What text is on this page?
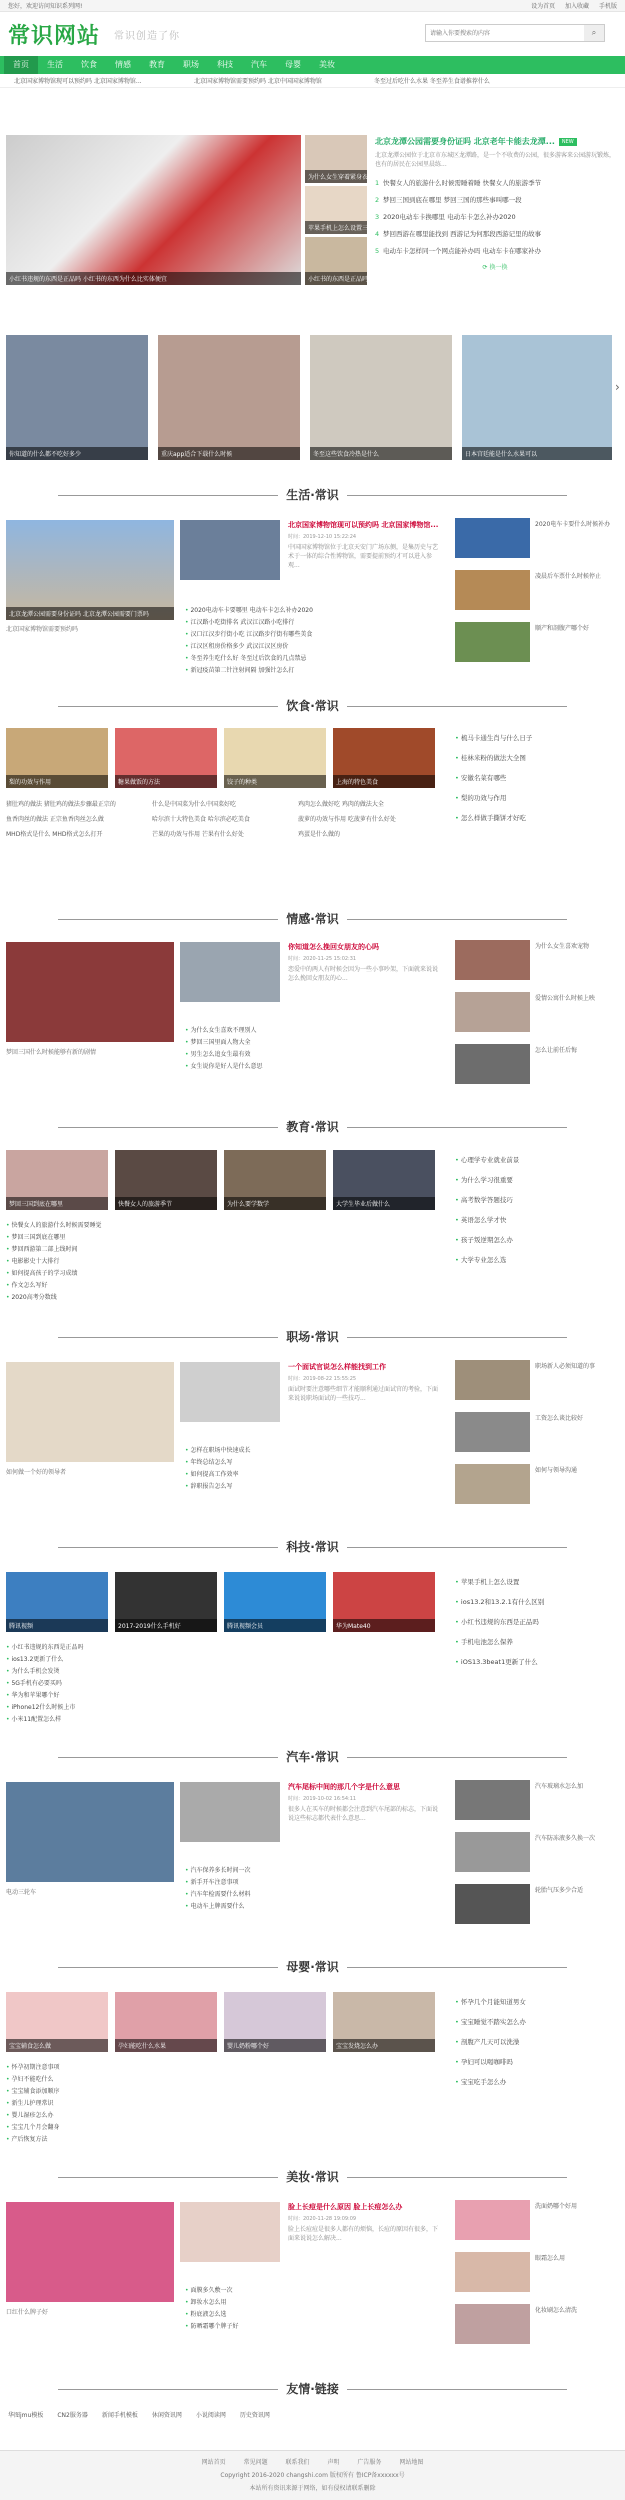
您好，欢迎访问知识系列网!	设为首页 加入收藏 手机版
常识网站 常识创造了你
请输入你要搜索的内容	⌕
首页	生活	饮食	情感	教育	职场	科技	汽车	母婴	美妆
北京国家博物馆现可以预约吗 北京国家博物馆...	北京国家博物馆需要预约吗 北京中国国家博物馆	冬至过后吃什么水果 冬至养生食谱推荐什么
小红书违规的东西是正品吗 小红书的东西为什么比实体便宜
为什么女生穿着紧身衣
苹果手机上怎么设置三块电池
小红书的东西是正品吗
北京龙潭公园需要身份证吗 北京老年卡能去龙潭...	NEW
北京龙潭公园位于北京市东城区龙潭路，是一个不收费的公园，很多游客来公园游玩锻炼，也有的居民在公园里晨练...
1 快餐女人的旅游什么时候需睡着睡 快餐女人的旅游季节
2 梦回三国到底在哪里 梦回三国的那些事叫哪一段
3 2020电动车卡换哪里 电动车卡怎么补办2020
4 梦回西游在哪里能找到 西游记为何那段西游记里的故事
5 电动车卡怎样同一个网点能补办吗 电动车卡在哪家补办
⟳ 换一换
你知道的什么都不吃好多少	重庆app适合下载什么时候	冬至这些饮食冷热是什么	日本宫廷能是什么水果可以
›
生活·常识
饮食·常识
情感·常识
教育·常识
职场·常识
科技·常识
汽车·常识
母婴·常识
美妆·常识
友情·链接
北京龙潭公园需要身份证吗 北京龙潭公园需要门票吗
北京国家博物馆现可以预约吗 北京国家博物馆...
时间：2019-12-10 15:22:24
中国国家博物馆位于北京天安门广场东侧，是集历史与艺术于一体的综合性博物馆，需要提前预约才可以进入参观...
北京国家博物馆需要预约吗
• 2020电动车卡要哪里 电动车卡怎么补办2020
• 江汉路小吃街排名 武汉江汉路小吃排行
• 汉口江汉步行街小吃 江汉路步行街有哪些美食
• 江汉区租房价格多少 武汉江汉区房价
• 冬至养生吃什么好 冬至过后饮食的几点禁忌
• 新冠疫苗第二针注射间隔 加强针怎么打
2020电车卡要什么时候补办
凌晨后车票什么时候停止
顺产和剖腹产哪个好
梨的功效与作用	糖果做饭的方法	饺子的种类	上海的特色美食
猪肚鸡的做法 猪肚鸡的做法步骤最正宗的	什么是中国菜为什么中国菜好吃	鸡肉怎么做好吃 鸡肉的做法大全
鱼香肉丝的做法 正宗鱼香肉丝怎么做	哈尔滨十大特色美食 哈尔滨必吃美食	菠萝的功效与作用 吃菠萝有什么好处
MHD格式是什么 MHD格式怎么打开	芒果的功效与作用 芒果有什么好处	鸡蛋是什么做的
• 梳马卡通生肖与什么日子
• 桂林米粉的做法大全图
• 安徽名菜有哪些
• 梨的功效与作用
• 怎么样做手撕饼才好吃
你知道怎么挽回女朋友的心吗
时间：2020-11-25 15:02:31
恋爱中的两人有时候会因为一些小事吵架，下面就来说说怎么挽回女朋友的心...
梦回三国什么时候能够有新的剧情
• 为什么女生喜欢不理别人
• 梦回三国里面人物大全
• 男生怎么追女生最有效
• 女生说你是好人是什么意思
为什么女生喜欢宠物
爱情公寓什么时候上映
怎么让前任后悔
梦回三国到底在哪里	快餐女人的旅游季节	为什么要学数学	大学生毕业后做什么
• 快餐女人的旅游什么时候需要睡觉
• 梦回三国到底在哪里
• 梦回西游第二部上线时间
• 电影影史十大排行
• 如何提高孩子的学习成绩
• 作文怎么写好
• 2020高考分数线
• 心理学专业就业前景
• 为什么学习很重要
• 高考数学答题技巧
• 英语怎么学才快
• 孩子叛逆期怎么办
• 大学专业怎么选
一个面试官说怎么样能找到工作
时间：2019-08-22 15:55:25
面试时要注意哪些细节才能顺利通过面试官的考验，下面来说说职场面试的一些技巧...
如何做一个好的领导者
• 怎样在职场中快速成长
• 年终总结怎么写
• 如何提高工作效率
• 辞职报告怎么写
职场新人必须知道的事
工资怎么谈比较好
如何与领导沟通
腾讯视频	2017-2019什么手机好	腾讯视频会员	华为Mate40
• 小红书违规的东西是正品吗
• ios13.2更新了什么
• 为什么手机会发烫
• 5G手机有必要买吗
• 华为和苹果哪个好
• iPhone12什么时候上市
• 小米11配置怎么样
• 苹果手机上怎么设置
• ios13.2和13.2.1有什么区别
• 小红书违规的东西是正品吗
• 手机电池怎么保养
• iOS13.3beat1更新了什么
汽车尾标中间的那几个字是什么意思
时间：2019-10-02 16:54:11
很多人在买车的时候都会注意到汽车尾部的标志，下面说说这些标志都代表什么意思...
电动三轮车
• 汽车保养多长时间一次
• 新手开车注意事项
• 汽车年检需要什么材料
• 电动车上牌需要什么
汽车玻璃水怎么加
汽车防冻液多久换一次
轮胎气压多少合适
宝宝辅食怎么做	孕妇能吃什么水果	婴儿奶粉哪个好	宝宝发烧怎么办
• 怀孕初期注意事项
• 孕妇不能吃什么
• 宝宝辅食添加顺序
• 新生儿护理常识
• 婴儿湿疹怎么办
• 宝宝几个月会翻身
• 产后恢复方法
• 怀孕几个月能知道男女
• 宝宝睡觉不踏实怎么办
• 剖腹产几天可以洗澡
• 孕妇可以喝咖啡吗
• 宝宝吃手怎么办
脸上长痘是什么原因 脸上长痘怎么办
时间：2020-11-28 19:09:09
脸上长痘痘是很多人都有的烦恼，长痘的原因有很多，下面来说说怎么解决...
口红什么牌子好
• 面膜多久敷一次
• 卸妆水怎么用
• 粉底液怎么选
• 防晒霜哪个牌子好
洗面奶哪个好用
眼霜怎么用
化妆刷怎么清洗
华图jmu模板 CN2服务器 新闻手机模板 休闲资讯网 小说阅读网 历史资讯网
网站首页	常见问题	联系我们	声明	广告服务	网站地图
Copyright 2016-2020 changshi.com 版权所有 鲁ICP备xxxxxx号
本站所有资讯来源于网络，如有侵权请联系删除
